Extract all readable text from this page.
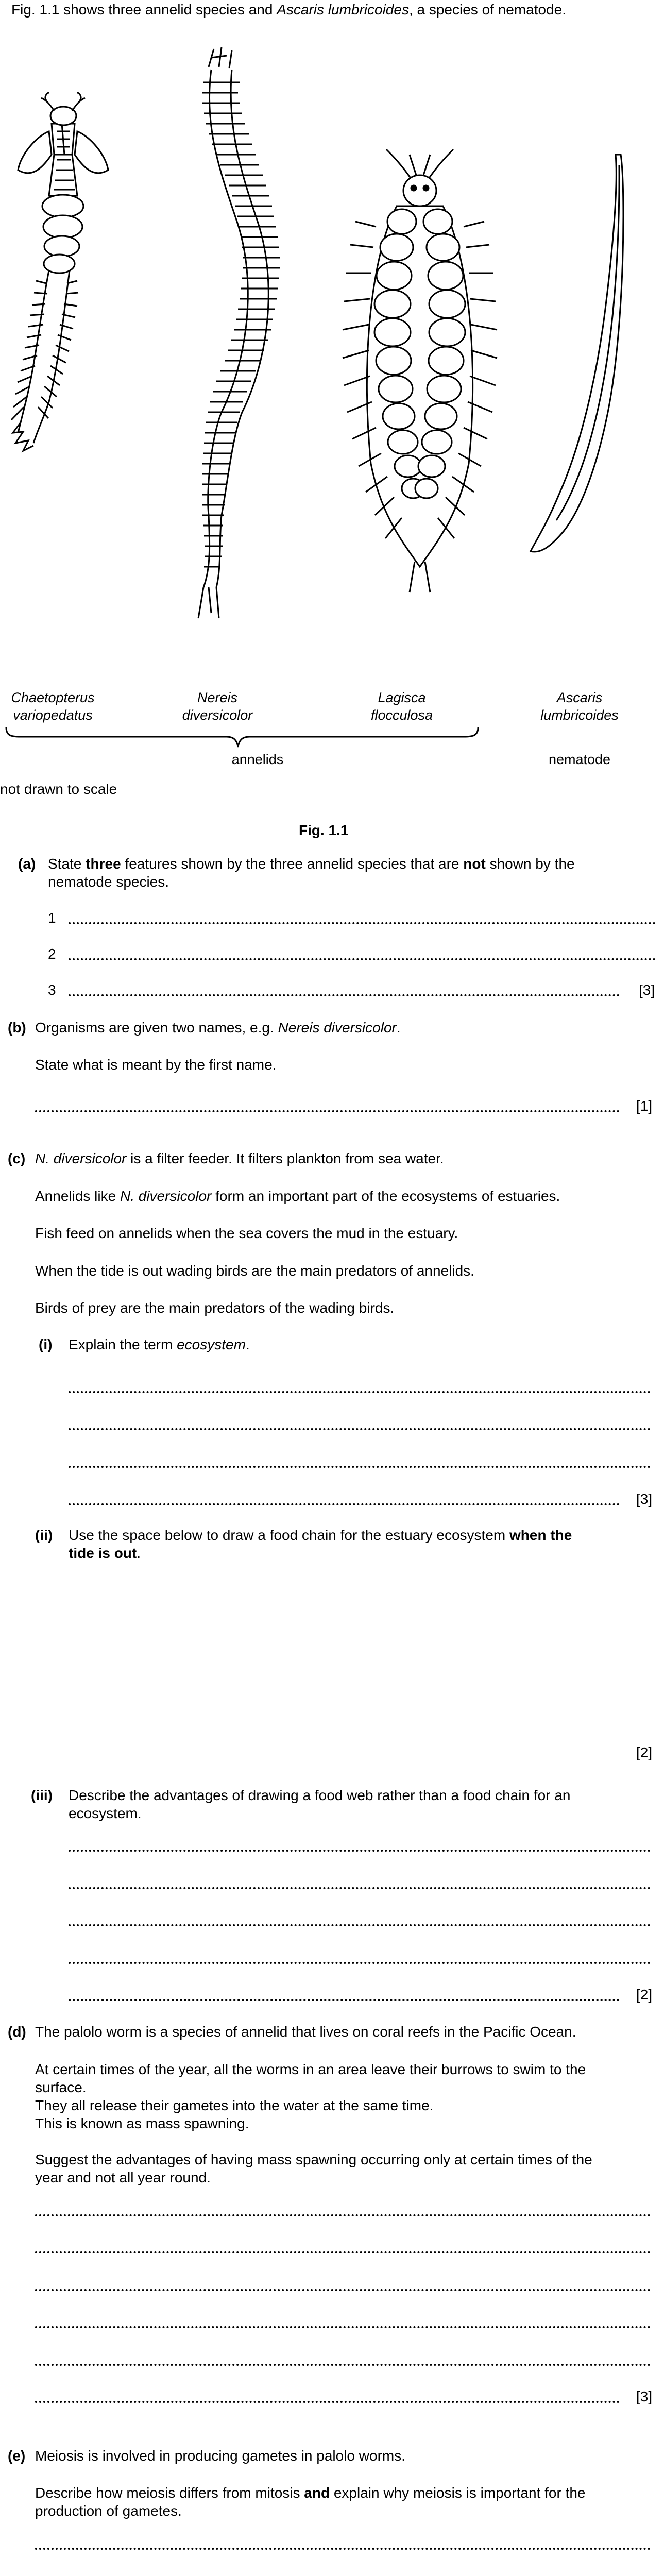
Fig. 1.1 shows three annelid species and Ascaris lumbricoides, a species of nematode.
Chaetopterus
variopedatus
Nereis
diversicolor
Lagisca
flocculosa
Ascaris
lumbricoides
annelids	nematode
not drawn to scale
Fig. 1.1
(a) State three features shown by the three annelid species that are not shown by the
nematode species.
1
2
3	[3]
(b) Organisms are given two names, e.g. Nereis diversicolor.
State what is meant by the first name.
[1]
(c) N. diversicolor is a filter feeder. It filters plankton from sea water.
Annelids like N. diversicolor form an important part of the ecosystems of estuaries.
Fish feed on annelids when the sea covers the mud in the estuary.
When the tide is out wading birds are the main predators of annelids.
Birds of prey are the main predators of the wading birds.
(i) Explain the term ecosystem.
[3]
(ii) Use the space below to draw a food chain for the estuary ecosystem when the
tide is out.
[2]
(iii) Describe the advantages of drawing a food web rather than a food chain for an
ecosystem.
[2]
(d) The palolo worm is a species of annelid that lives on coral reefs in the Pacific Ocean.
At certain times of the year, all the worms in an area leave their burrows to swim to the
surface.
They all release their gametes into the water at the same time.
This is known as mass spawning.
Suggest the advantages of having mass spawning occurring only at certain times of the
year and not all year round.
[3]
(e) Meiosis is involved in producing gametes in palolo worms.
Describe how meiosis differs from mitosis and explain why meiosis is important for the
production of gametes.
